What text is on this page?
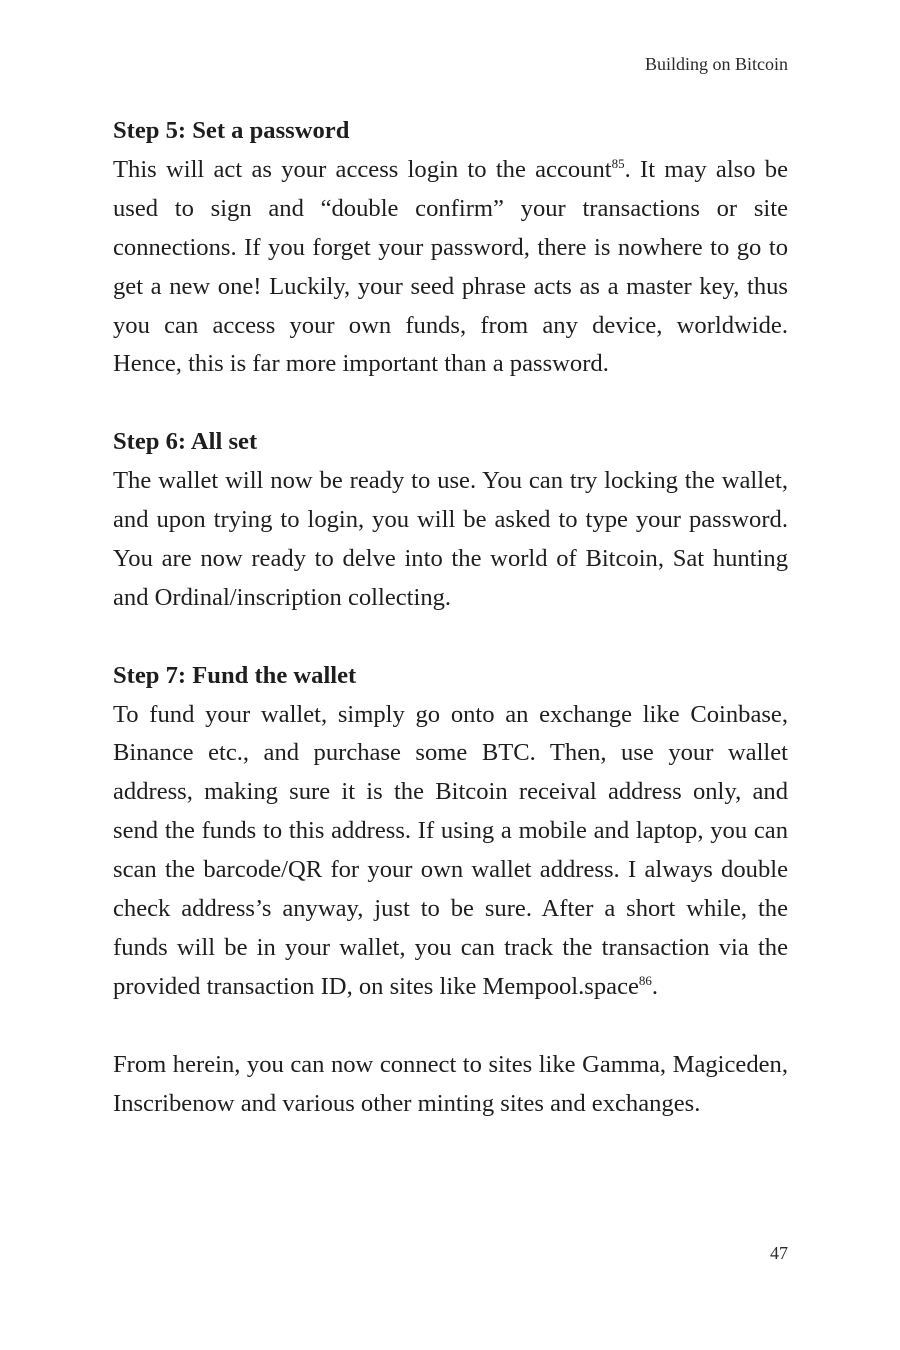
Building on Bitcoin
Step 5: Set a password

This will act as your access login to the account$^{85}$. It may also be used to sign and “double confirm” your transactions or site connections. If you forget your password, there is nowhere to go to get a new one! Luckily, your seed phrase acts as a master key, thus you can access your own funds, from any device, worldwide. Hence, this is far more important than a password.

Step 6: All set

The wallet will now be ready to use. You can try locking the wallet, and upon trying to login, you will be asked to type your password. You are now ready to delve into the world of Bitcoin, Sat hunting and Ordinal/inscription collecting.

Step 7: Fund the wallet

To fund your wallet, simply go onto an exchange like Coinbase, Binance etc., and purchase some BTC. Then, use your wallet address, making sure it is the Bitcoin receival address only, and send the funds to this address. If using a mobile and laptop, you can scan the barcode/QR for your own wallet address. I always double check address’s anyway, just to be sure. After a short while, the funds will be in your wallet, you can track the transaction via the provided transaction ID, on sites like Mempool.space$^{86}$.

From herein, you can now connect to sites like Gamma, Magiceden, Inscribenow and various other minting sites and exchanges.

47
